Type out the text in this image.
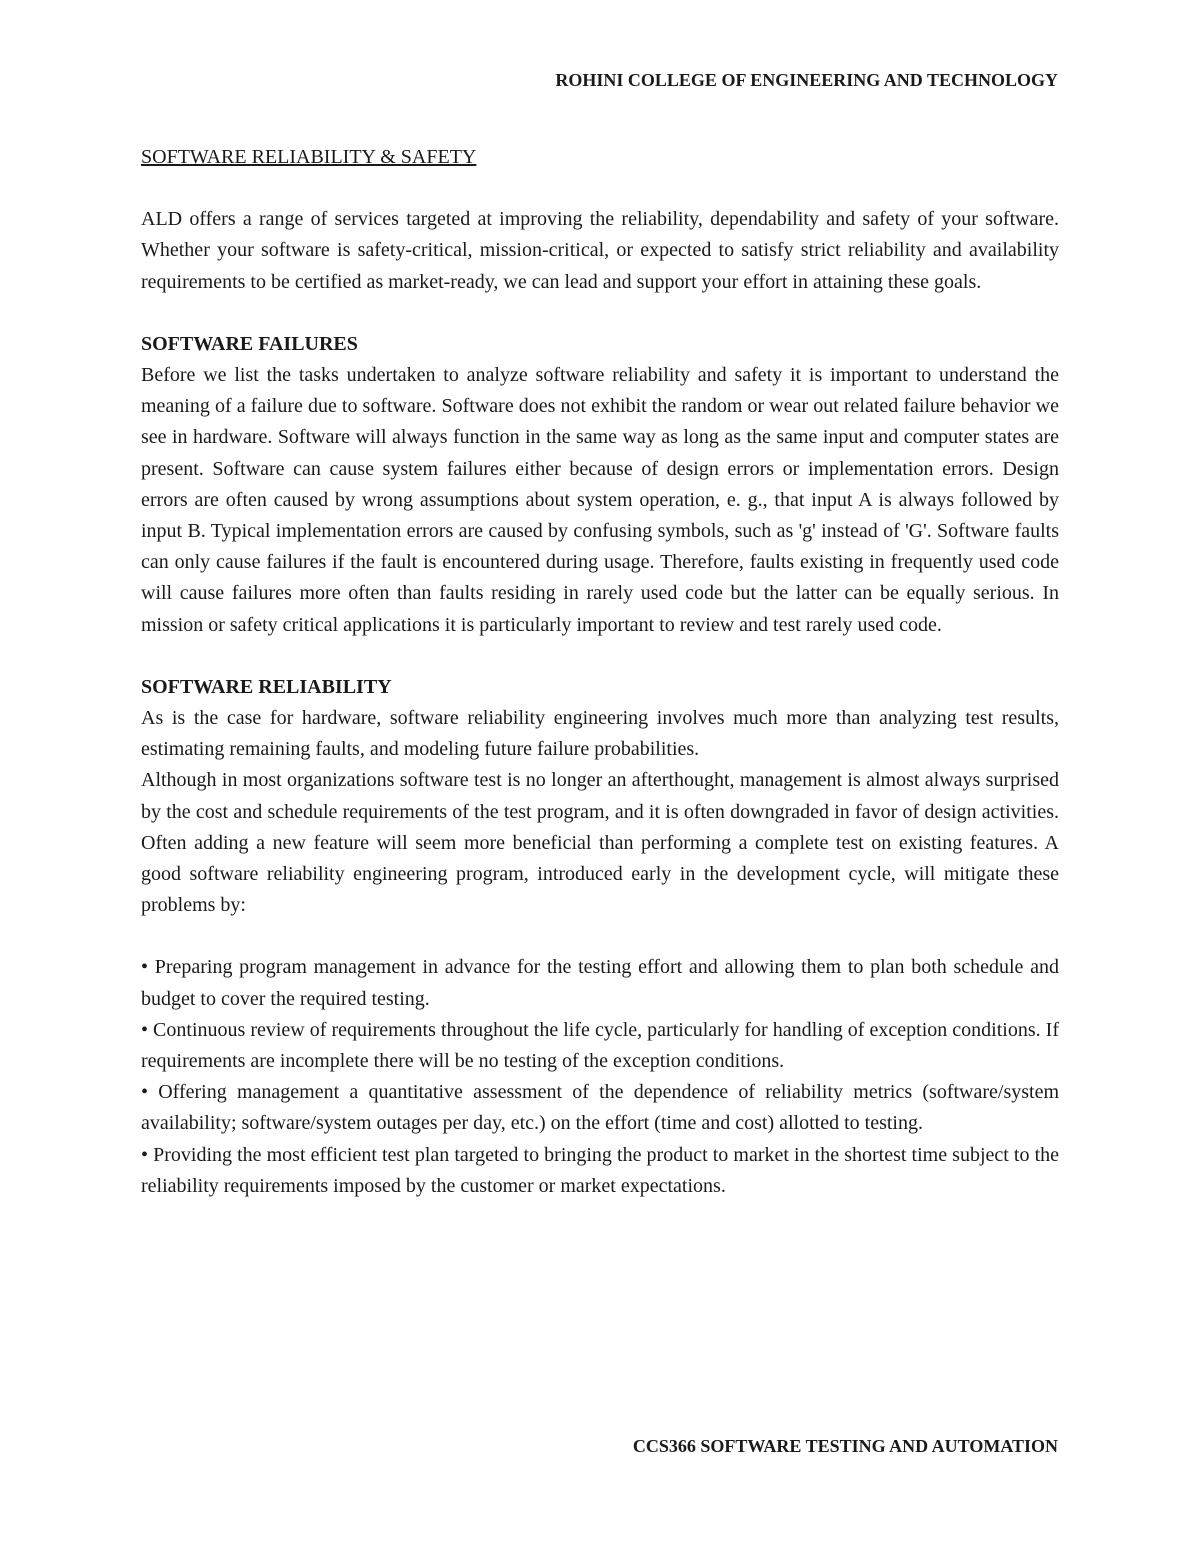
ROHINI COLLEGE OF ENGINEERING AND TECHNOLOGY
SOFTWARE RELIABILITY & SAFETY

ALD offers a range of services targeted at improving the reliability, dependability and safety of your software. Whether your software is safety-critical, mission-critical, or expected to satisfy strict reliability and availability requirements to be certified as market-ready, we can lead and support your effort in attaining these goals.

SOFTWARE FAILURES

Before we list the tasks undertaken to analyze software reliability and safety it is important to understand the meaning of a failure due to software. Software does not exhibit the random or wear out related failure behavior we see in hardware. Software will always function in the same way as long as the same input and computer states are present. Software can cause system failures either because of design errors or implementation errors. Design errors are often caused by wrong assumptions about system operation, e. g., that input A is always followed by input B. Typical implementation errors are caused by confusing symbols, such as 'g' instead of 'G'. Software faults can only cause failures if the fault is encountered during usage. Therefore, faults existing in frequently used code will cause failures more often than faults residing in rarely used code but the latter can be equally serious. In mission or safety critical applications it is particularly important to review and test rarely used code.

SOFTWARE RELIABILITY

As is the case for hardware, software reliability engineering involves much more than analyzing test results, estimating remaining faults, and modeling future failure probabilities.

Although in most organizations software test is no longer an afterthought, management is almost always surprised by the cost and schedule requirements of the test program, and it is often downgraded in favor of design activities. Often adding a new feature will seem more beneficial than performing a complete test on existing features. A good software reliability engineering program, introduced early in the development cycle, will mitigate these problems by:

• Preparing program management in advance for the testing effort and allowing them to plan both schedule and budget to cover the required testing.

• Continuous review of requirements throughout the life cycle, particularly for handling of exception conditions. If requirements are incomplete there will be no testing of the exception conditions.

• Offering management a quantitative assessment of the dependence of reliability metrics (software/system availability; software/system outages per day, etc.) on the effort (time and cost) allotted to testing.

• Providing the most efficient test plan targeted to bringing the product to market in the shortest time subject to the reliability requirements imposed by the customer or market expectations.

CCS366 SOFTWARE TESTING AND AUTOMATION
